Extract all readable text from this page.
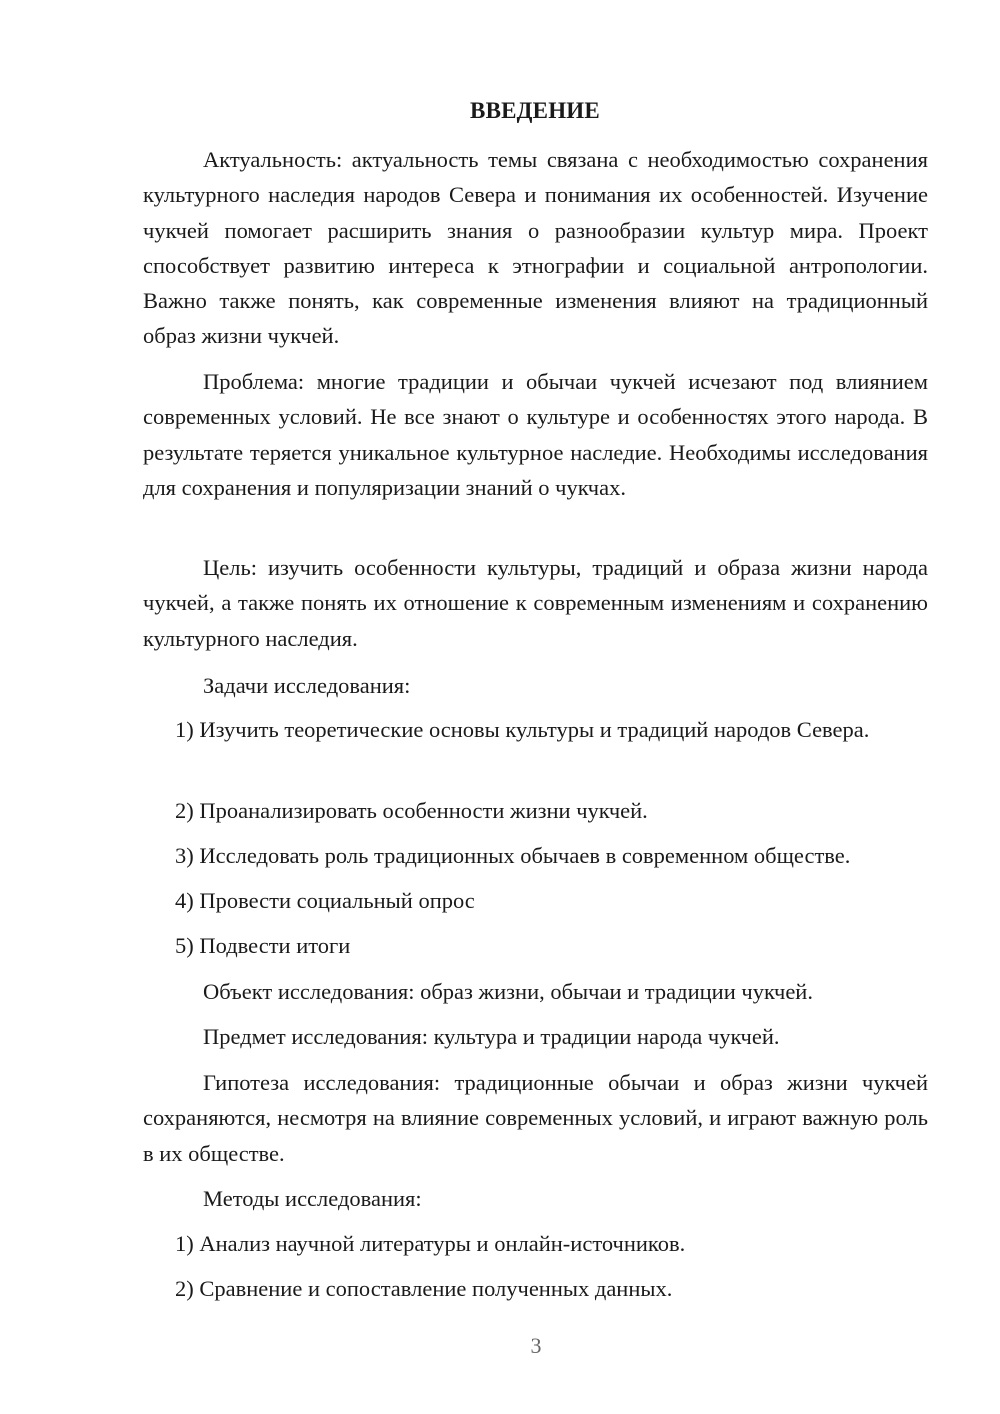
ВВЕДЕНИЕ

Актуальность: актуальность темы связана с необходимостью сохранения культурного наследия народов Севера и понимания их особенностей. Изучение чукчей помогает расширить знания о разнообразии культур мира. Проект способствует развитию интереса к этнографии и социальной антропологии. Важно также понять, как современные изменения влияют на традиционный образ жизни чукчей.

Проблема: многие традиции и обычаи чукчей исчезают под влиянием современных условий. Не все знают о культуре и особенностях этого народа. В результате теряется уникальное культурное наследие. Необходимы исследования для сохранения и популяризации знаний о чукчах.

Цель: изучить особенности культуры, традиций и образа жизни народа чукчей, а также понять их отношение к современным изменениям и сохранению культурного наследия.

Задачи исследования:

1) Изучить теоретические основы культуры и традиций народов Севера.

2) Проанализировать особенности жизни чукчей.

3) Исследовать роль традиционных обычаев в современном обществе.

4) Провести социальный опрос

5) Подвести итоги

Объект исследования: образ жизни, обычаи и традиции чукчей.

Предмет исследования: культура и традиции народа чукчей.

Гипотеза исследования: традиционные обычаи и образ жизни чукчей сохраняются, несмотря на влияние современных условий, и играют важную роль в их обществе.

Методы исследования:

1) Анализ научной литературы и онлайн-источников.

2) Сравнение и сопоставление полученных данных.

3
